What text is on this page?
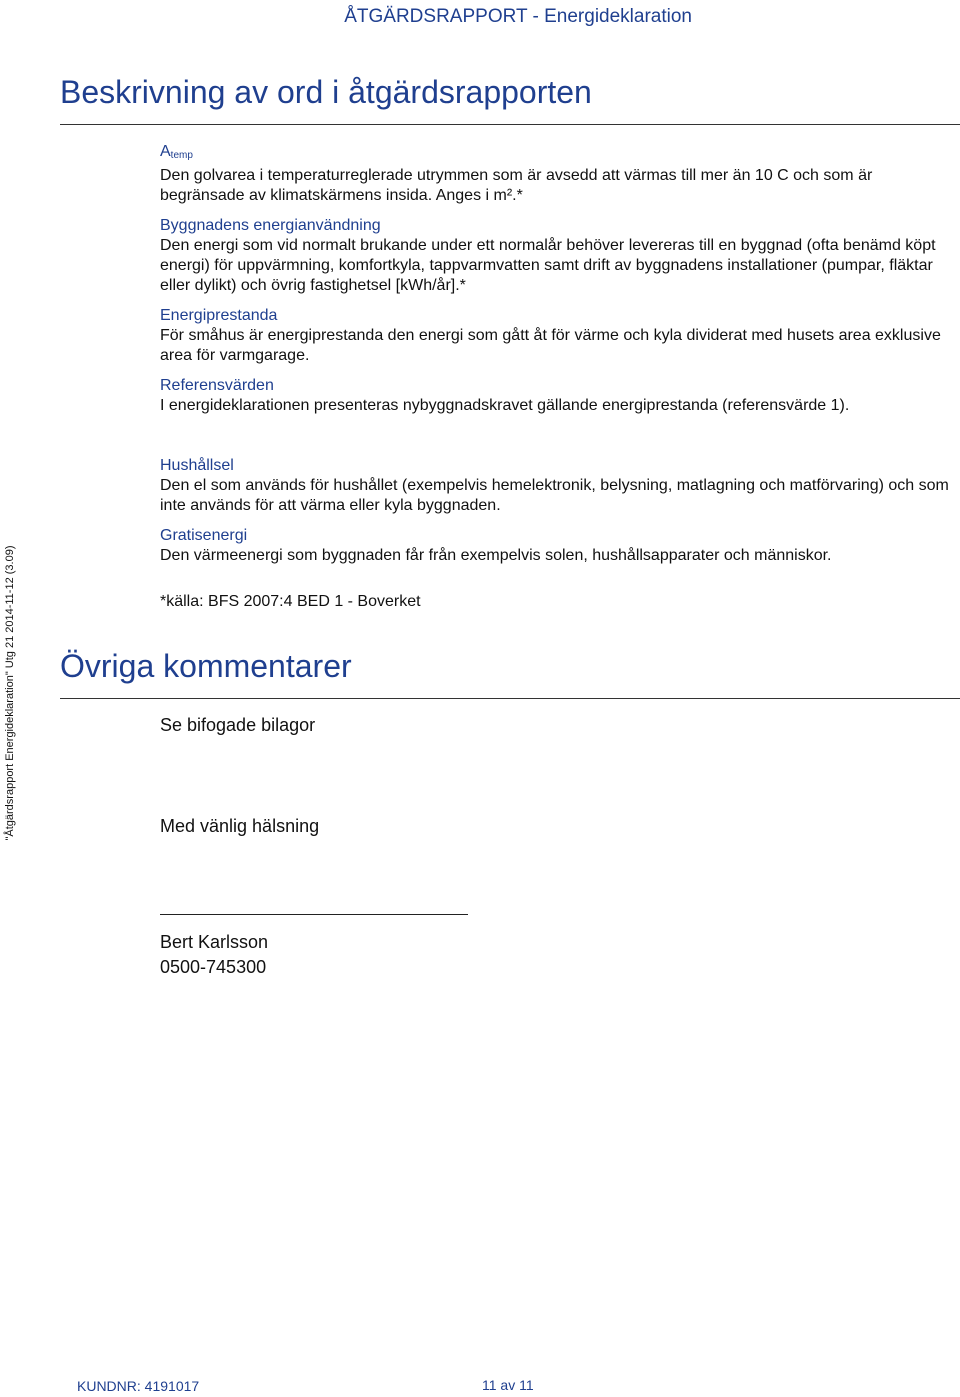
ÅTGÄRDSRAPPORT - Energideklaration
Beskrivning av ord i åtgärdsrapporten
$A_{temp}$
Den golvarea i temperaturreglerade utrymmen som är avsedd att värmas till mer än 10 C och som är begränsade av klimatskärmens insida. Anges i m².*
Byggnadens energianvändning
Den energi som vid normalt brukande under ett normalår behöver levereras till en byggnad (ofta benämd köpt energi) för uppvärmning, komfortkyla, tappvarmvatten samt drift av byggnadens installationer (pumpar, fläktar eller dylikt) och övrig fastighetsel [kWh/år].*
Energiprestanda
För småhus är energiprestanda den energi som gått åt för värme och kyla dividerat med husets area exklusive area för varmgarage.
Referensvärden
I energideklarationen presenteras nybyggnadskravet gällande energiprestanda (referensvärde 1).
Hushållsel
Den el som används för hushållet (exempelvis hemelektronik, belysning, matlagning och matförvaring) och som inte används för att värma eller kyla byggnaden.
Gratisenergi
Den värmeenergi som byggnaden får från exempelvis solen, hushållsapparater och människor.
*källa: BFS 2007:4 BED 1 - Boverket
Övriga kommentarer
Se bifogade bilagor
Med vänlig hälsning
Bert Karlsson
0500-745300
"Åtgärdsrapport Energideklaration" Utg 21 2014-11-12 (3.09)
KUNDNR: 4191017	11 av 11
